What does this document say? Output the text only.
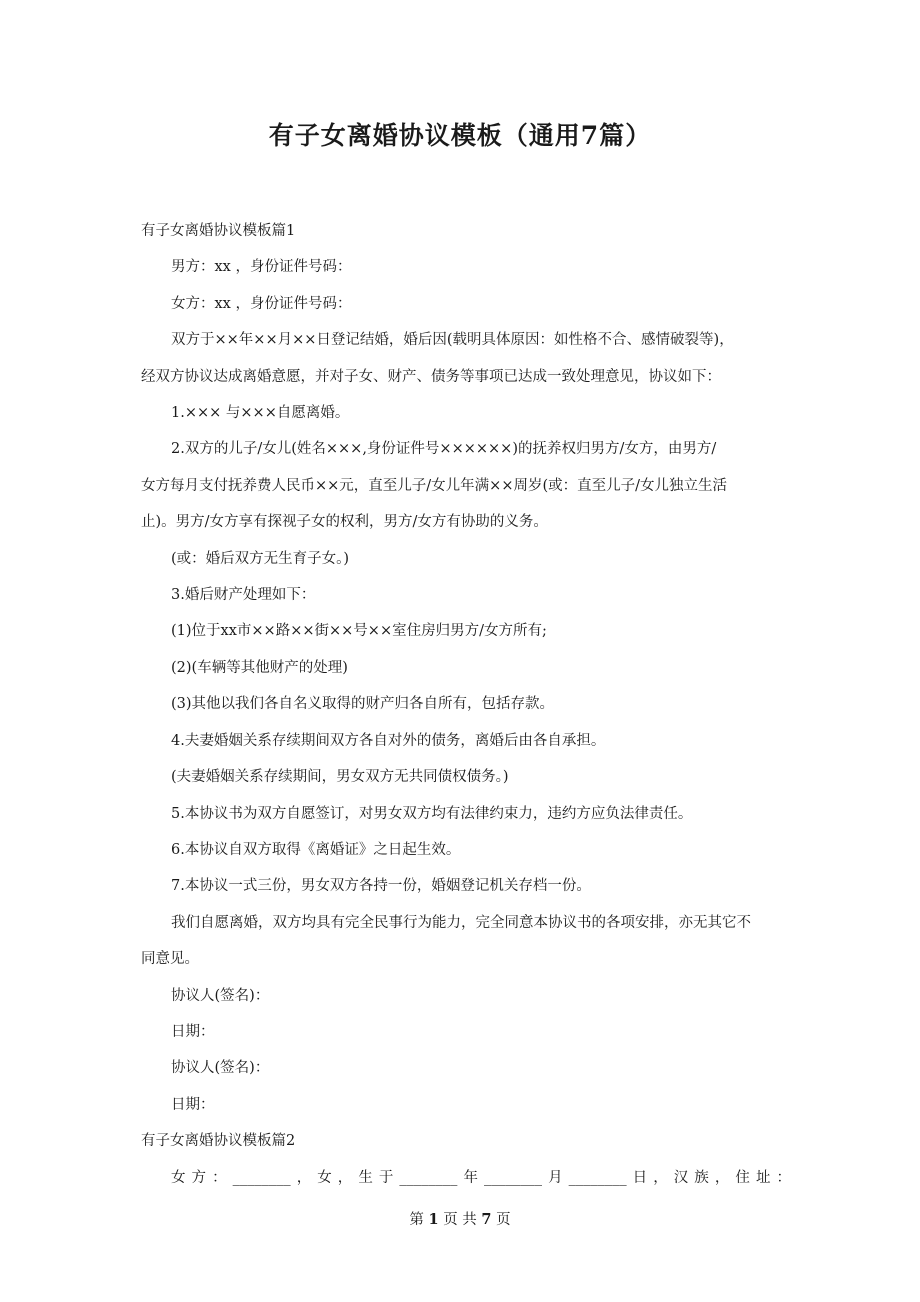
有子女离婚协议模板（通用7篇）
有子女离婚协议模板篇1
男方：xx ，身份证件号码：
女方：xx ，身份证件号码：
双方于××年××月××日登记结婚，婚后因(载明具体原因：如性格不合、感情破裂等)，
经双方协议达成离婚意愿，并对子女、财产、债务等事项已达成一致处理意见，协议如下：
1.××× 与×××自愿离婚。
2.双方的儿子/女儿(姓名×××,身份证件号××××××)的抚养权归男方/女方，由男方/
女方每月支付抚养费人民币××元，直至儿子/女儿年满××周岁(或：直至儿子/女儿独立生活
止)。男方/女方享有探视子女的权利，男方/女方有协助的义务。
(或：婚后双方无生育子女。)
3.婚后财产处理如下：
(1)位于xx市××路××街××号××室住房归男方/女方所有;
(2)(车辆等其他财产的处理)
(3)其他以我们各自名义取得的财产归各自所有，包括存款。
4.夫妻婚姻关系存续期间双方各自对外的债务，离婚后由各自承担。
(夫妻婚姻关系存续期间，男女双方无共同债权债务。)
5.本协议书为双方自愿签订，对男女双方均有法律约束力，违约方应负法律责任。
6.本协议自双方取得《离婚证》之日起生效。
7.本协议一式三份，男女双方各持一份，婚姻登记机关存档一份。
我们自愿离婚，双方均具有完全民事行为能力，完全同意本协议书的各项安排，亦无其它不
同意见。
协议人(签名)：
日期：
协议人(签名)：
日期：
有子女离婚协议模板篇2
女 方 ： ________ ， 女 ， 生 于 ________ 年 ________ 月 ________ 日 ， 汉 族 ， 住 址 ：
第 1 页 共 7 页
